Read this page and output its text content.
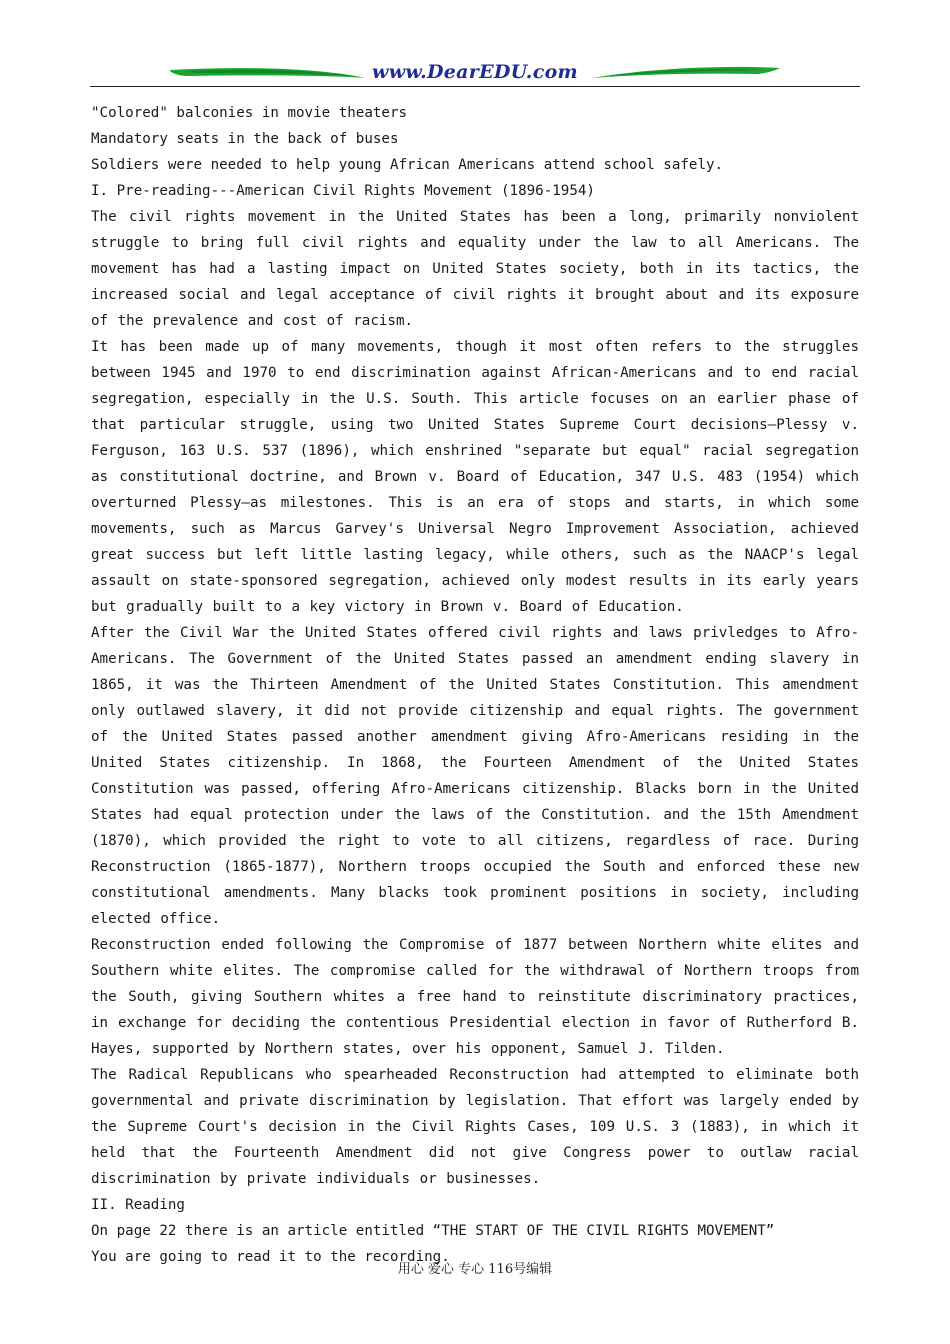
www.DearEDU.com

"Colored" balconies in movie theaters

Mandatory seats in the back of buses

Soldiers were needed to help young African Americans attend school safely.

I. Pre-reading---American Civil Rights Movement (1896-1954)

The civil rights movement in the United States has been a long, primarily nonviolent struggle to bring full civil rights and equality under the law to all Americans. The movement has had a lasting impact on United States society, both in its tactics, the increased social and legal acceptance of civil rights it brought about and its exposure of the prevalence and cost of racism.

It has been made up of many movements, though it most often refers to the struggles between 1945 and 1970 to end discrimination against African-Americans and to end racial segregation, especially in the U.S. South. This article focuses on an earlier phase of that particular struggle, using two United States Supreme Court decisions—Plessy v. Ferguson, 163 U.S. 537 (1896), which enshrined "separate but equal" racial segregation as constitutional doctrine, and Brown v. Board of Education, 347 U.S. 483 (1954) which overturned Plessy—as milestones. This is an era of stops and starts, in which some movements, such as Marcus Garvey's Universal Negro Improvement Association, achieved great success but left little lasting legacy, while others, such as the NAACP's legal assault on state-sponsored segregation, achieved only modest results in its early years but gradually built to a key victory in Brown v. Board of Education.

After the Civil War the United States offered civil rights and laws privledges to Afro-Americans. The Government of the United States passed an amendment ending slavery in 1865, it was the Thirteen Amendment of the United States Constitution. This amendment only outlawed slavery, it did not provide citizenship and equal rights. The government of the United States passed another amendment giving Afro-Americans residing in the United States citizenship. In 1868, the Fourteen Amendment of the United States Constitution was passed, offering Afro-Americans citizenship. Blacks born in the United States had equal protection under the laws of the Constitution. and the 15th Amendment (1870), which provided the right to vote to all citizens, regardless of race. During Reconstruction (1865-1877), Northern troops occupied the South and enforced these new constitutional amendments. Many blacks took prominent positions in society, including elected office.

Reconstruction ended following the Compromise of 1877 between Northern white elites and Southern white elites. The compromise called for the withdrawal of Northern troops from the South, giving Southern whites a free hand to reinstitute discriminatory practices, in exchange for deciding the contentious Presidential election in favor of Rutherford B. Hayes, supported by Northern states, over his opponent, Samuel J. Tilden.

The Radical Republicans who spearheaded Reconstruction had attempted to eliminate both governmental and private discrimination by legislation. That effort was largely ended by the Supreme Court's decision in the Civil Rights Cases, 109 U.S. 3 (1883), in which it held that the Fourteenth Amendment did not give Congress power to outlaw racial discrimination by private individuals or businesses.

II. Reading

On page 22 there is an article entitled “THE START OF THE CIVIL RIGHTS MOVEMENT”

You are going to read it to the recording.

用心 爱心 专心 116号编辑
